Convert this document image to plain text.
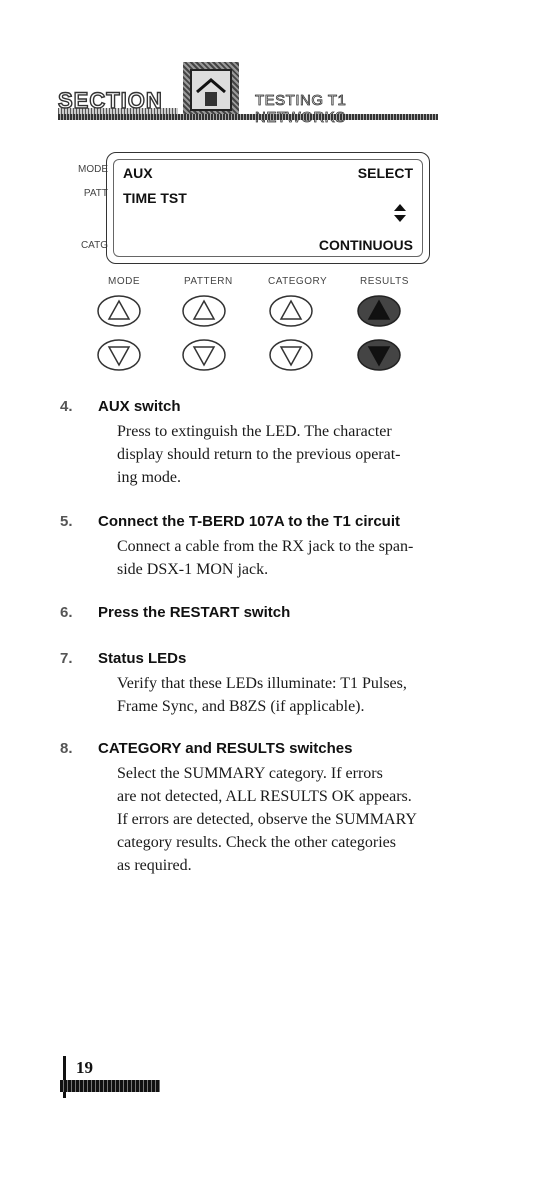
SECTION	TESTING T1
MODE
PATT
CATG
AUX	SELECT
TIME TST
CONTINUOUS
MODE	PATTERN	CATEGORY	RESULTS
4. AUX switch

Press to extinguish the LED. The character

display should return to the previous operat-

ing mode.

5. Connect the T-BERD 107A to the T1 circuit

Connect a cable from the RX jack to the span-

side DSX-1 MON jack.

6. Press the RESTART switch
7. Status LEDs

Verify that these LEDs illuminate: T1 Pulses,

Frame Sync, and B8ZS (if applicable).

8. CATEGORY and RESULTS switches

Select the SUMMARY category. If errors

are not detected, ALL RESULTS OK appears.

If errors are detected, observe the SUMMARY

category results. Check the other categories

as required.

19
